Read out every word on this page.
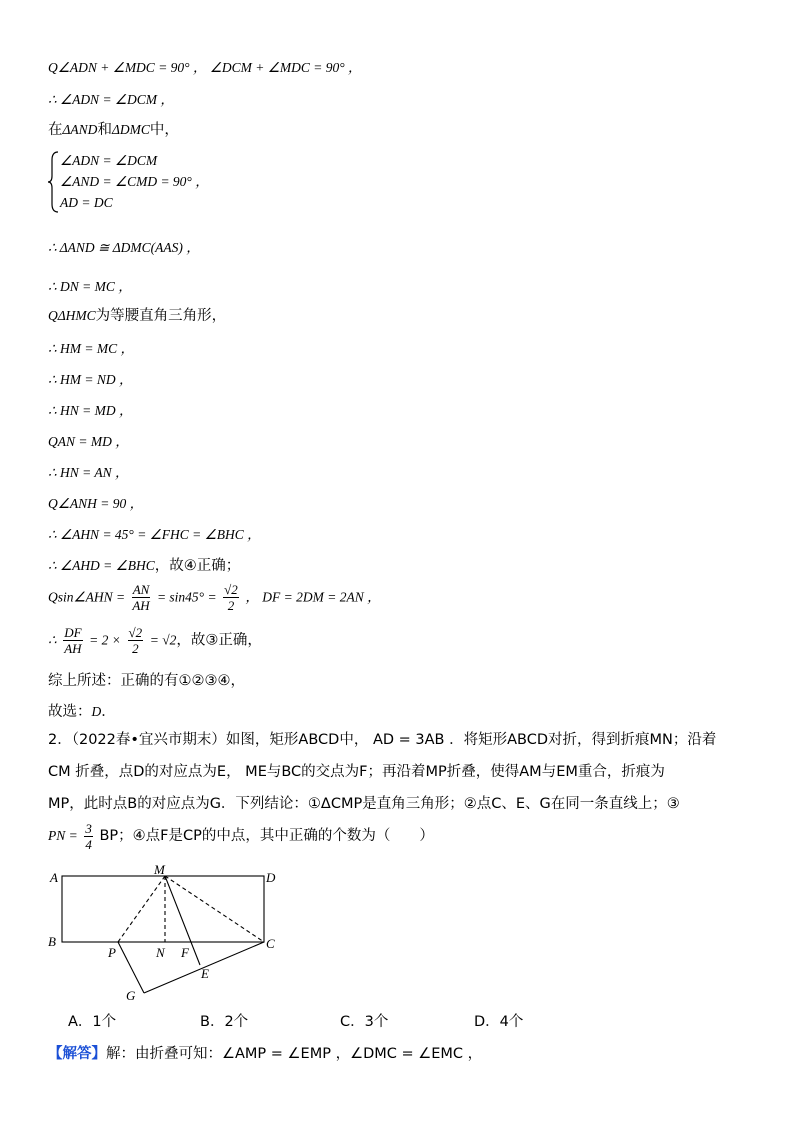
Q∠ADN + ∠MDC = 90° ， ∠DCM + ∠MDC = 90° ，
∴ ∠ADN = ∠DCM ，
在ΔAND和ΔDMC中，
∠ADN = ∠DCM
∠AND = ∠CMD = 90° ，
AD = DC
∴ ΔAND ≅ ΔDMC(AAS) ，
∴ DN = MC ，
QΔHMC为等腰直角三角形，
∴ HM = MC ，
∴ HM = ND ，
∴ HN = MD ，
QAN = MD ，
∴ HN = AN ，
Q∠ANH = 90 ，
∴ ∠AHN = 45° = ∠FHC = ∠BHC ，
∴ ∠AHD = ∠BHC，故④正确；
Qsin∠AHN = $\frac{AN}{AH} = \sin 45^\circ = \frac{√2}{2}$ ， DF = 2DM = 2AN ，
∴ $\frac{DF}{AH} = 2 \times \frac{√2}{2} = √2$，故③正确，
综上所述：正确的有①②③④，
故选：D．
2．（2022春•宜兴市期末）如图，矩形ABCD中， AD = 3AB ．将矩形ABCD对折，得到折痕MN；沿着
CM 折叠，点D的对应点为E， ME与BC的交点为F；再沿着MP折叠，使得AM与EM重合，折痕为
MP，此时点B的对应点为G．下列结论：①ΔCMP是直角三角形；②点C、E、G在同一条直线上；③
PN = $\frac{3}{4}$ BP；④点F是CP的中点，其中正确的个数为（　　）
A
B	C
D
M
N
P	F
E
G
A．1个	B．2个	C．3个	D．4个
【解答】解：由折叠可知：∠AMP = ∠EMP ，∠DMC = ∠EMC ，
